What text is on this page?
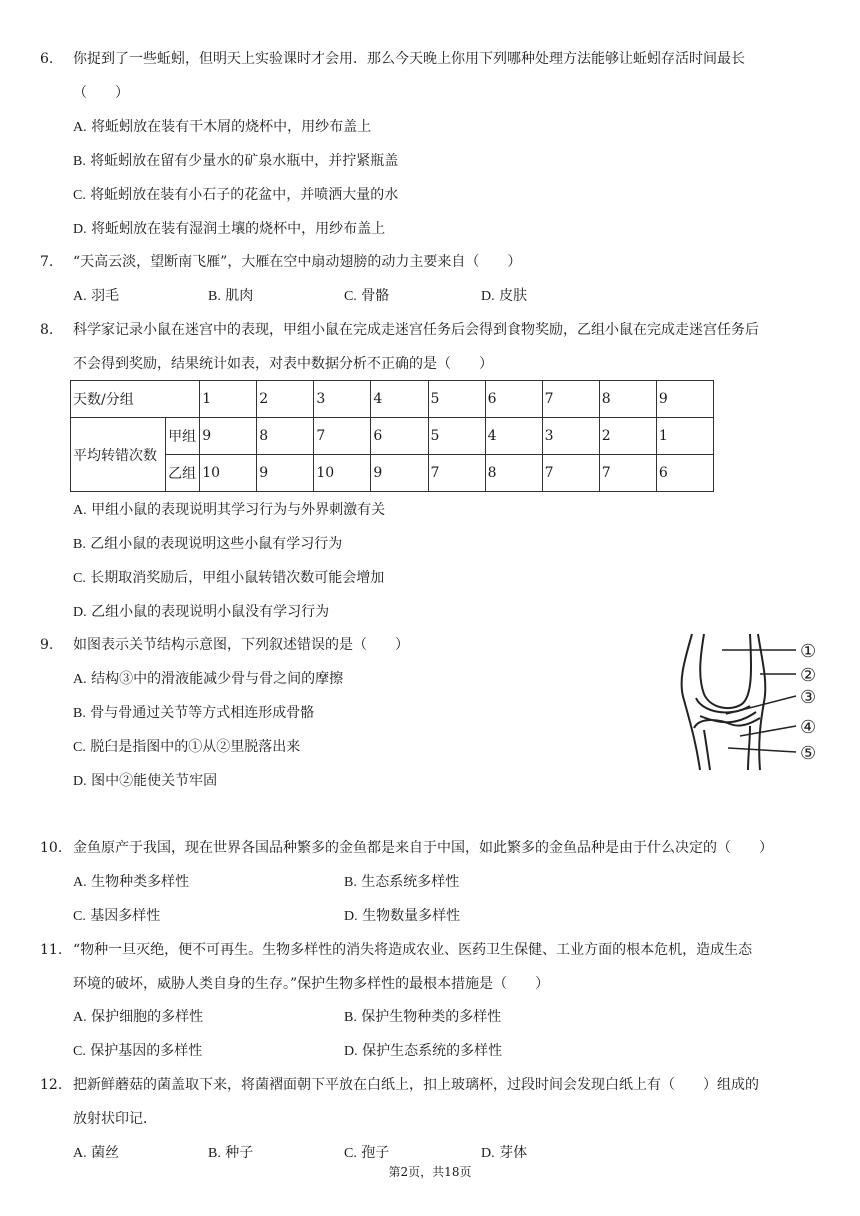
6. 你捉到了一些蚯蚓，但明天上实验课时才会用．那么今天晚上你用下列哪种处理方法能够让蚯蚓存活时间最长
（　　）
A. 将蚯蚓放在装有干木屑的烧杯中，用纱布盖上
B. 将蚯蚓放在留有少量水的矿泉水瓶中，并拧紧瓶盖
C. 将蚯蚓放在装有小石子的花盆中，并喷洒大量的水
D. 将蚯蚓放在装有湿润土壤的烧杯中，用纱布盖上
7. “天高云淡，望断南飞雁”，大雁在空中扇动翅膀的动力主要来自（　　）
A. 羽毛	B. 肌肉	C. 骨骼	D. 皮肤
8. 科学家记录小鼠在迷宫中的表现，甲组小鼠在完成走迷宫任务后会得到食物奖励，乙组小鼠在完成走迷宫任务后
不会得到奖励，结果统计如表，对表中数据分析不正确的是（　　）
天数/分组		1	2	3	4	5	6	7	8	9
平均转错次数	甲组	9	8	7	6	5	4	3	2	1
	乙组	10	9	10	9	7	8	7	7	6
A. 甲组小鼠的表现说明其学习行为与外界刺激有关
B. 乙组小鼠的表现说明这些小鼠有学习行为
C. 长期取消奖励后，甲组小鼠转错次数可能会增加
D. 乙组小鼠的表现说明小鼠没有学习行为
9. 如图表示关节结构示意图，下列叙述错误的是（　　）
A. 结构③中的滑液能减少骨与骨之间的摩擦
B. 骨与骨通过关节等方式相连形成骨骼
C. 脱臼是指图中的①从②里脱落出来
D. 图中②能使关节牢固
①
②
③
④
⑤
10. 金鱼原产于我国，现在世界各国品种繁多的金鱼都是来自于中国，如此繁多的金鱼品种是由于什么决定的（　　）
A. 生物种类多样性	B. 生态系统多样性
C. 基因多样性	D. 生物数量多样性
11. “物种一旦灭绝，便不可再生。生物多样性的消失将造成农业、医药卫生保健、工业方面的根本危机，造成生态
环境的破坏，威胁人类自身的生存。”保护生物多样性的最根本措施是（　　）
A. 保护细胞的多样性	B. 保护生物种类的多样性
C. 保护基因的多样性	D. 保护生态系统的多样性
12. 把新鲜蘑菇的菌盖取下来，将菌褶面朝下平放在白纸上，扣上玻璃杯，过段时间会发现白纸上有（　　）组成的
放射状印记．
A. 菌丝	B. 种子	C. 孢子	D. 芽体
第2页，共18页
